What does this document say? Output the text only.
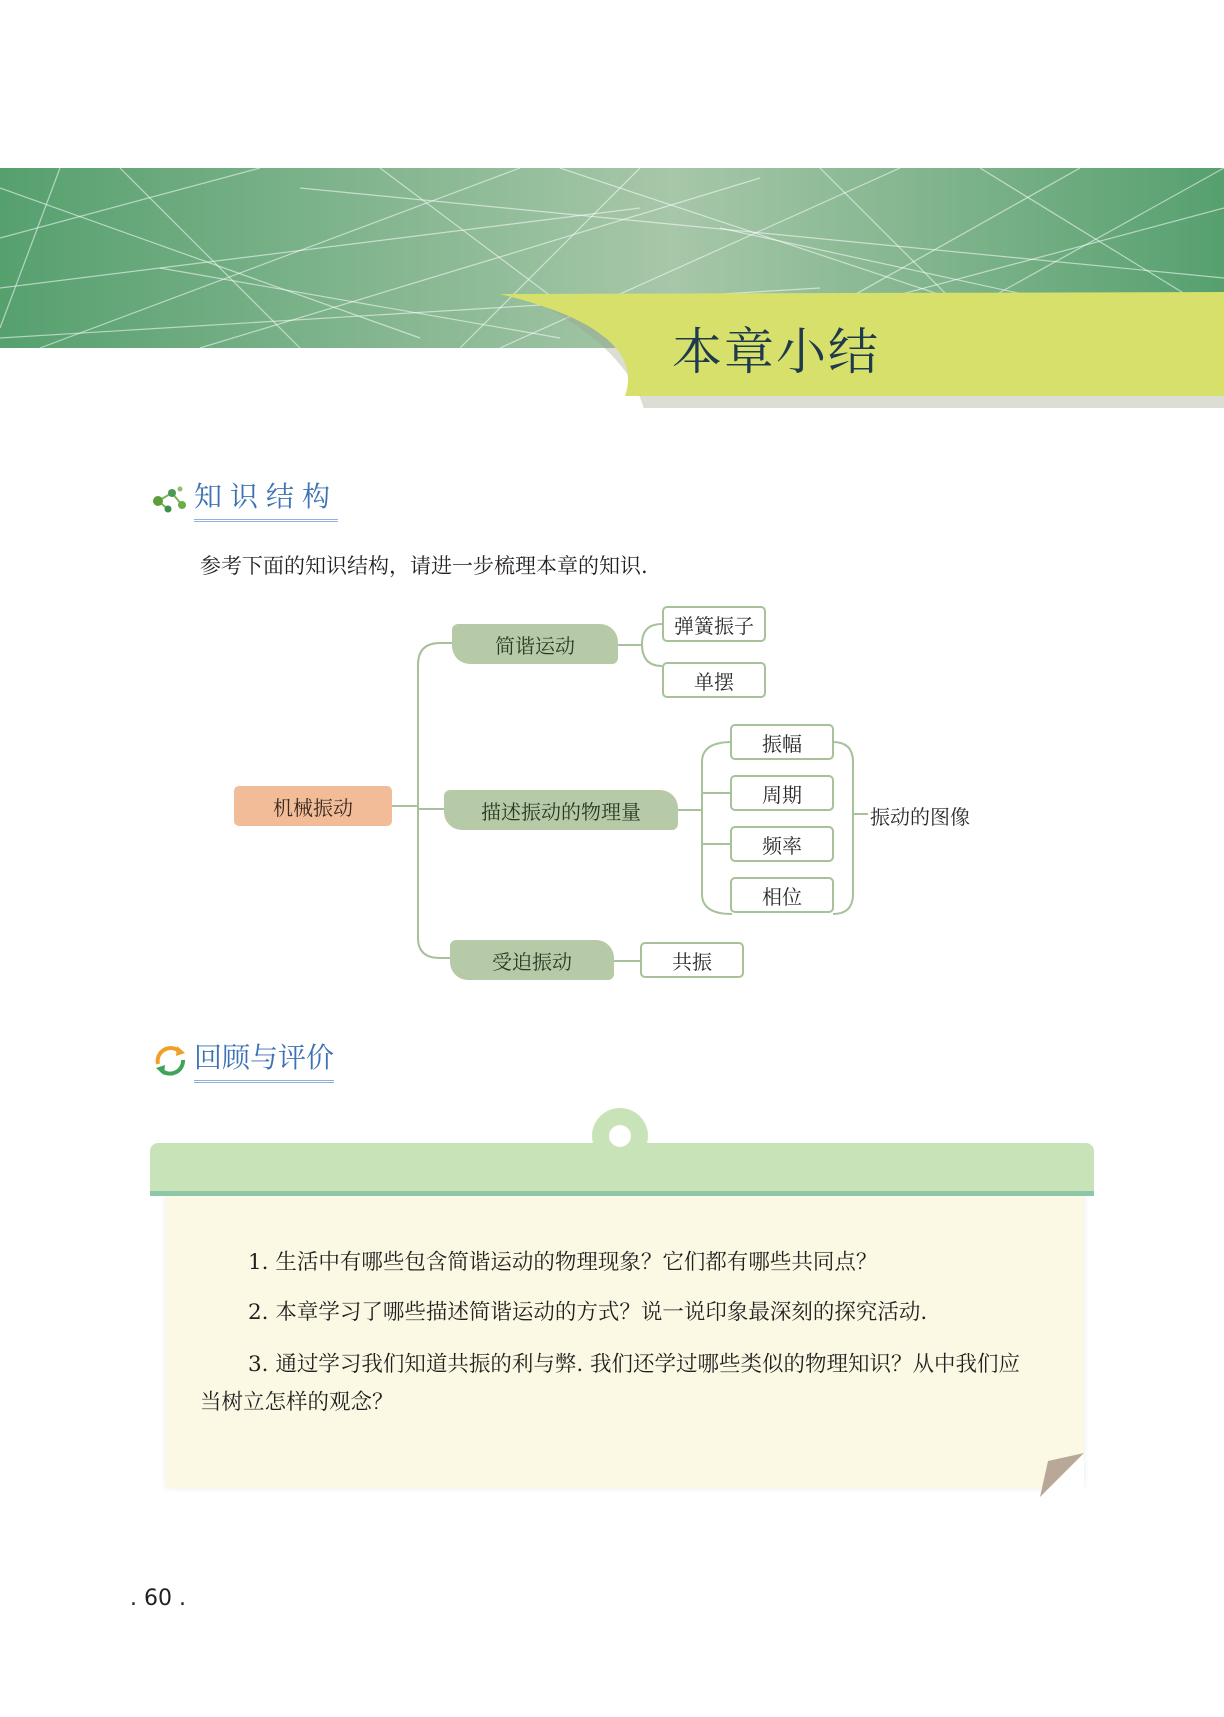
本章小结
知识结构
参考下面的知识结构，请进一步梳理本章的知识.
机械振动
简谐运动
弹簧振子
单摆
描述振动的物理量
振幅
周期
频率
相位
振动的图像
受迫振动	共振
回顾与评价
1. 生活中有哪些包含简谐运动的物理现象？它们都有哪些共同点？
2. 本章学习了哪些描述简谐运动的方式？说一说印象最深刻的探究活动.
3. 通过学习我们知道共振的利与弊. 我们还学过哪些类似的物理知识？从中我们应当树立怎样的观念？
. 60 .
